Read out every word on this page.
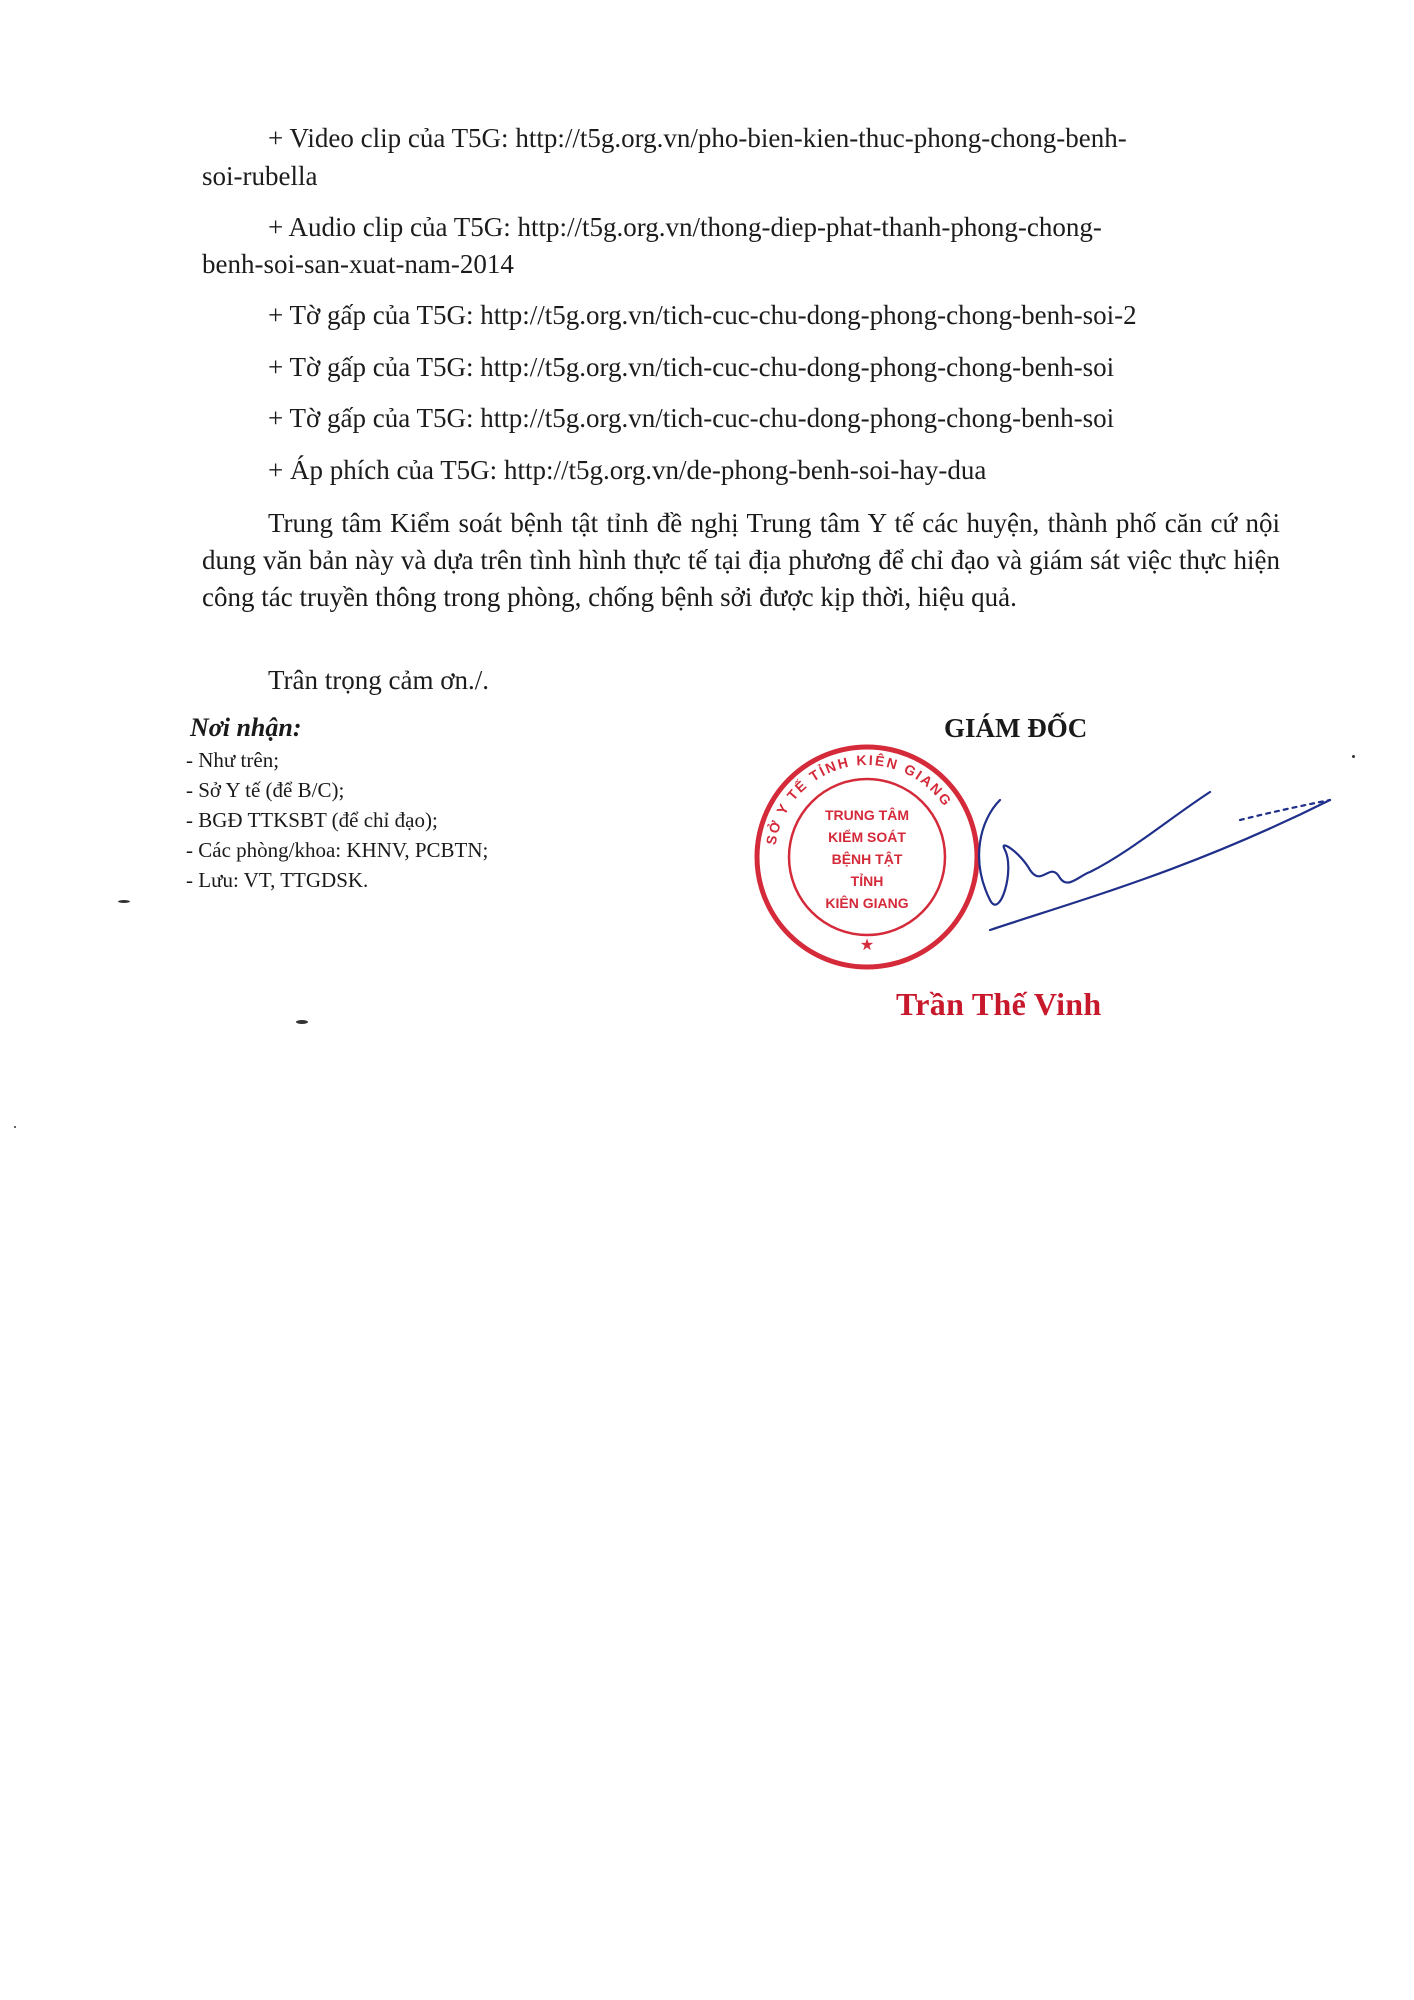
+ Video clip của T5G: http://t5g.org.vn/pho-bien-kien-thuc-phong-chong-benh-

soi-rubella

+ Audio clip của T5G: http://t5g.org.vn/thong-diep-phat-thanh-phong-chong-

benh-soi-san-xuat-nam-2014

+ Tờ gấp của T5G: http://t5g.org.vn/tich-cuc-chu-dong-phong-chong-benh-soi-2

+ Tờ gấp của T5G: http://t5g.org.vn/tich-cuc-chu-dong-phong-chong-benh-soi

+ Tờ gấp của T5G: http://t5g.org.vn/tich-cuc-chu-dong-phong-chong-benh-soi

+ Áp phích của T5G: http://t5g.org.vn/de-phong-benh-soi-hay-dua

Trung tâm Kiểm soát bệnh tật tỉnh đề nghị Trung tâm Y tế các huyện, thành phố căn cứ nội dung văn bản này và dựa trên tình hình thực tế tại địa phương để chỉ đạo và giám sát việc thực hiện công tác truyền thông trong phòng, chống bệnh sởi được kịp thời, hiệu quả.

Trân trọng cảm ơn./.

Nơi nhận:

- Như trên;
- Sở Y tế (để B/C);
- BGĐ TTKSBT (để chỉ đạo);
- Các phòng/khoa: KHNV, PCBTN;
- Lưu: VT, TTGDSK.

GIÁM ĐỐC

SỞ Y TẾ TỈNH KIÊN GIANG
TRUNG TÂM
KIỂM SOÁT
BỆNH TẬT
TỈNH
KIÊN GIANG
★

Trần Thế Vinh
